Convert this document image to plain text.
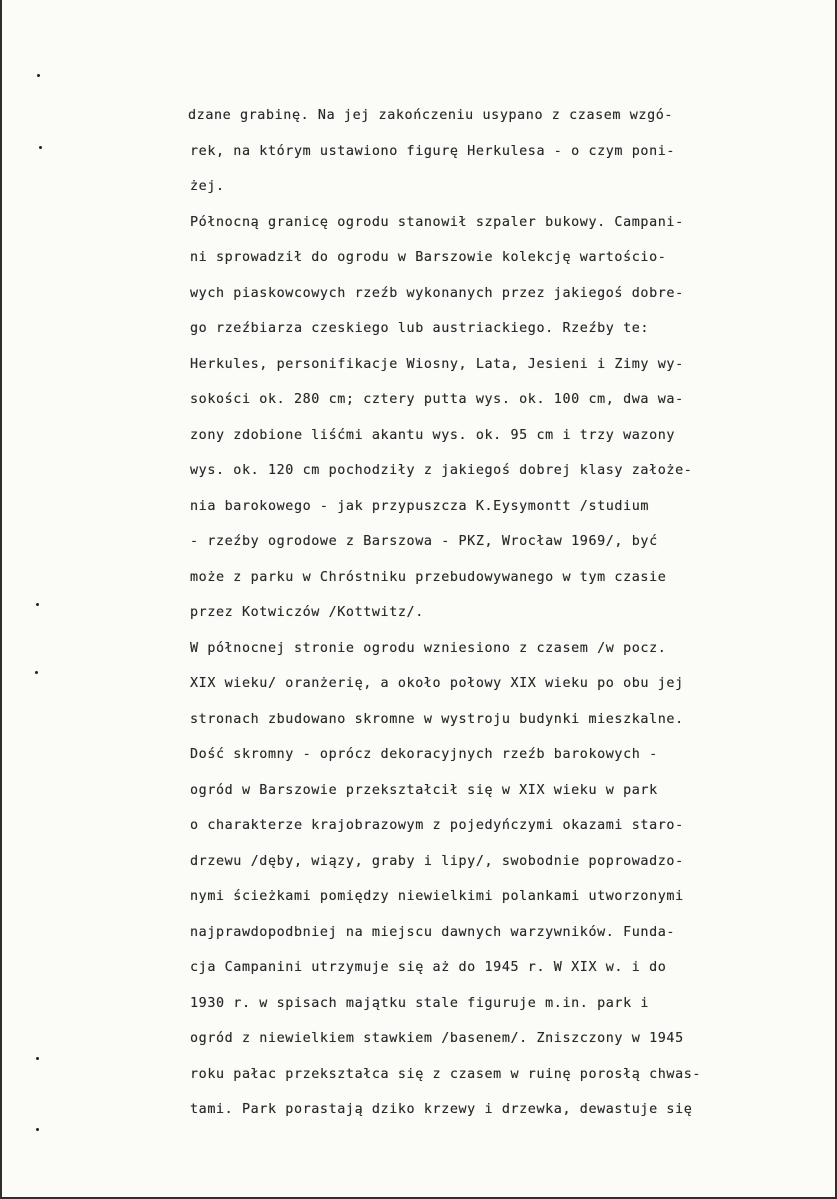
dzane grabinę. Na jej zakończeniu usypano z czasem wzgó-
rek, na którym ustawiono figurę Herkulesa - o czym poni-
żej.
Północną granicę ogrodu stanowił szpaler bukowy. Campani-
ni sprowadził do ogrodu w Barszowie kolekcję wartościo-
wych piaskowcowych rzeźb wykonanych przez jakiegoś dobre-
go rzeźbiarza czeskiego lub austriackiego. Rzeźby te:
Herkules, personifikacje Wiosny, Lata, Jesieni i Zimy wy-
sokości ok. 280 cm; cztery putta wys. ok. 100 cm, dwa wa-
zony zdobione liśćmi akantu wys. ok. 95 cm i trzy wazony
wys. ok. 120 cm pochodziły z jakiegoś dobrej klasy założe-
nia barokowego - jak przypuszcza K.Eysymontt /studium
- rzeźby ogrodowe z Barszowa - PKZ, Wrocław 1969/, być
może z parku w Chróstniku przebudowywanego w tym czasie
przez Kotwiczów /Kottwitz/.
W północnej stronie ogrodu wzniesiono z czasem /w pocz.
XIX wieku/ oranżerię, a około połowy XIX wieku po obu jej
stronach zbudowano skromne w wystroju budynki mieszkalne.
Dość skromny - oprócz dekoracyjnych rzeźb barokowych -
ogród w Barszowie przekształcił się w XIX wieku w park
o charakterze krajobrazowym z pojedyńczymi okazami staro-
drzewu /dęby, wiązy, graby i lipy/, swobodnie poprowadzo-
nymi ścieżkami pomiędzy niewielkimi polankami utworzonymi
najprawdopodbniej na miejscu dawnych warzywników. Funda-
cja Campanini utrzymuje się aż do 1945 r. W XIX w. i do
1930 r. w spisach majątku stale figuruje m.in. park i
ogród z niewielkiem stawkiem /basenem/. Zniszczony w 1945
roku pałac przekształca się z czasem w ruinę porosłą chwas-
tami. Park porastają dziko krzewy i drzewka, dewastuje się
